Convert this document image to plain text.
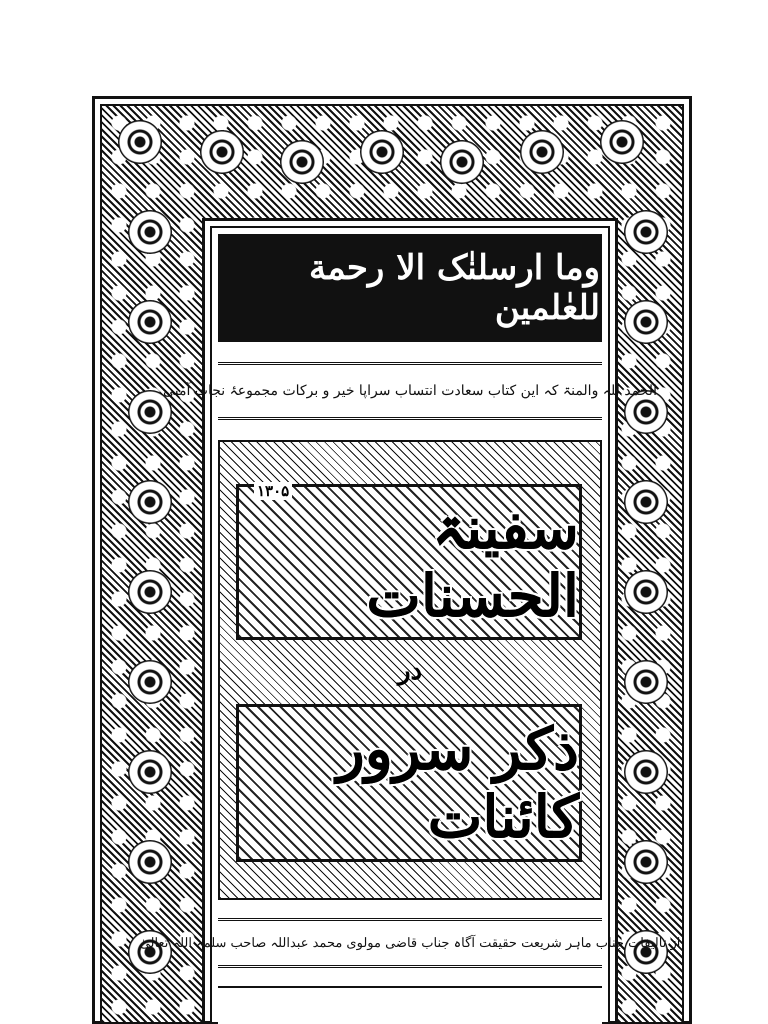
وما ارسلنٰک الا رحمة للعٰلمین
الحمد للہ والمنۃ کہ این کتاب سعادت انتساب سراپا خیر و برکات مجموعۂ نجات آمنی
سفینۃ الحسنات
۱۳۰۵
در
ذکر سرور کائنات
از تالیفات جناب ماہر شریعت حقیقت آگاہ جناب قاضی مولوی محمد عبداللہ صاحب سلمہ اللہ تعالیٰ
